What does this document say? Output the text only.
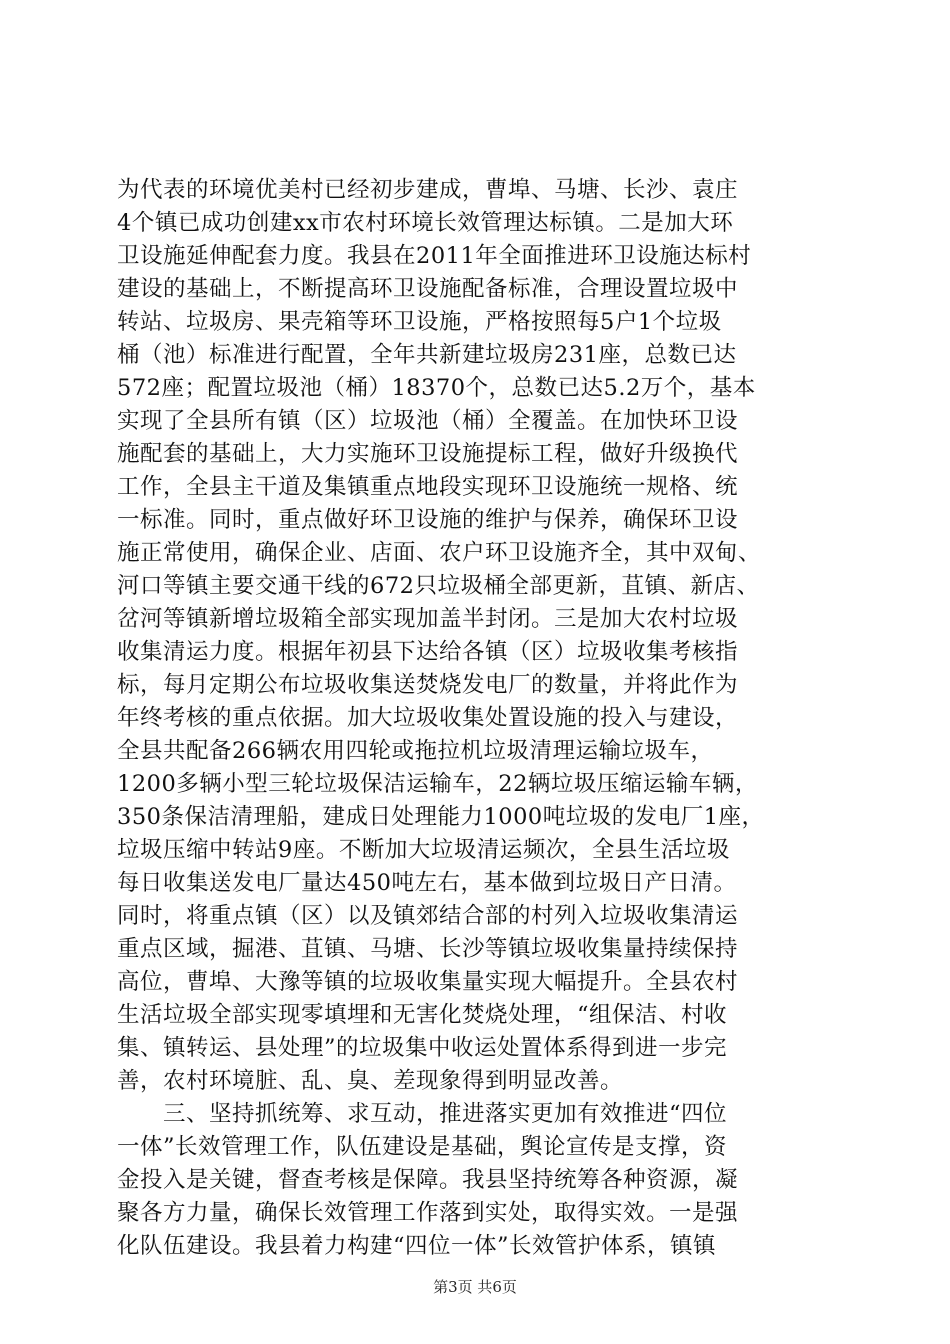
为代表的环境优美村已经初步建成，曹埠、马塘、长沙、袁庄
4个镇已成功创建xx市农村环境长效管理达标镇。二是加大环
卫设施延伸配套力度。我县在2011年全面推进环卫设施达标村
建设的基础上，不断提高环卫设施配备标准，合理设置垃圾中
转站、垃圾房、果壳箱等环卫设施，严格按照每5户1个垃圾
桶（池）标准进行配置，全年共新建垃圾房231座，总数已达
572座；配置垃圾池（桶）18370个，总数已达5.2万个，基本
实现了全县所有镇（区）垃圾池（桶）全覆盖。在加快环卫设
施配套的基础上，大力实施环卫设施提标工程，做好升级换代
工作，全县主干道及集镇重点地段实现环卫设施统一规格、统
一标准。同时，重点做好环卫设施的维护与保养，确保环卫设
施正常使用，确保企业、店面、农户环卫设施齐全，其中双甸、
河口等镇主要交通干线的672只垃圾桶全部更新，苴镇、新店、
岔河等镇新增垃圾箱全部实现加盖半封闭。三是加大农村垃圾
收集清运力度。根据年初县下达给各镇（区）垃圾收集考核指
标，每月定期公布垃圾收集送焚烧发电厂的数量，并将此作为
年终考核的重点依据。加大垃圾收集处置设施的投入与建设，
全县共配备266辆农用四轮或拖拉机垃圾清理运输垃圾车，
1200多辆小型三轮垃圾保洁运输车，22辆垃圾压缩运输车辆，
350条保洁清理船，建成日处理能力1000吨垃圾的发电厂1座，
垃圾压缩中转站9座。不断加大垃圾清运频次，全县生活垃圾
每日收集送发电厂量达450吨左右，基本做到垃圾日产日清。
同时，将重点镇（区）以及镇郊结合部的村列入垃圾收集清运
重点区域，掘港、苴镇、马塘、长沙等镇垃圾收集量持续保持
高位，曹埠、大豫等镇的垃圾收集量实现大幅提升。全县农村
生活垃圾全部实现零填埋和无害化焚烧处理，“组保洁、村收
集、镇转运、县处理”的垃圾集中收运处置体系得到进一步完
善，农村环境脏、乱、臭、差现象得到明显改善。
　　三、坚持抓统筹、求互动，推进落实更加有效推进“四位
一体”长效管理工作，队伍建设是基础，舆论宣传是支撑，资
金投入是关键，督查考核是保障。我县坚持统筹各种资源，凝
聚各方力量，确保长效管理工作落到实处，取得实效。一是强
化队伍建设。我县着力构建“四位一体”长效管护体系，镇镇
第3页 共6页
